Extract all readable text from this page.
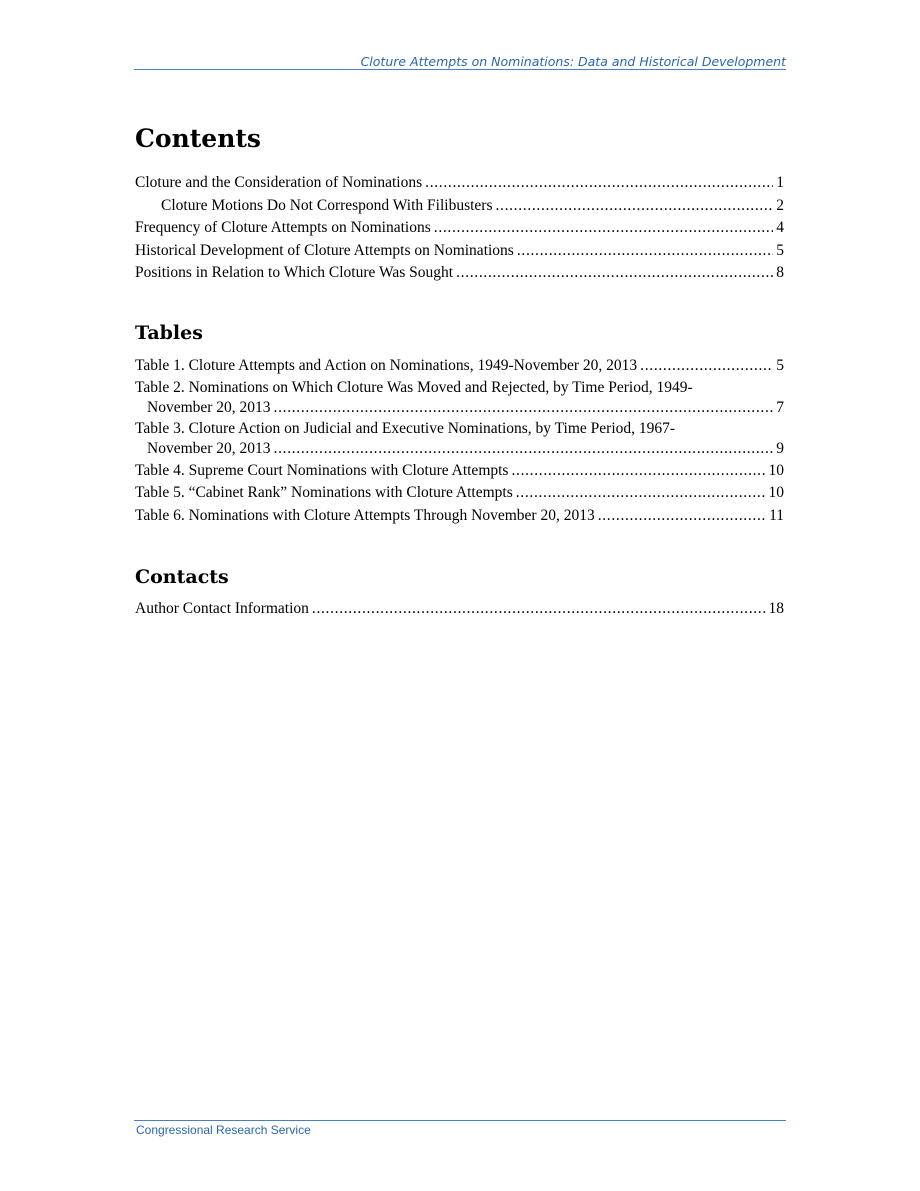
Cloture Attempts on Nominations: Data and Historical Development
Contents
Cloture and the Consideration of Nominations . . .	1
Cloture Motions Do Not Correspond With Filibusters . . .	2
Frequency of Cloture Attempts on Nominations . . .	4
Historical Development of Cloture Attempts on Nominations . . .	5
Positions in Relation to Which Cloture Was Sought . . .	8
Tables
Table 1. Cloture Attempts and Action on Nominations, 1949-November 20, 2013 . . .	5
Table 2. Nominations on Which Cloture Was Moved and Rejected, by Time Period, 1949-
November 20, 2013 . . .	7
Table 3. Cloture Action on Judicial and Executive Nominations, by Time Period, 1967-
November 20, 2013 . . .	9
Table 4. Supreme Court Nominations with Cloture Attempts . . .	10
Table 5. “Cabinet Rank” Nominations with Cloture Attempts . . .	10
Table 6. Nominations with Cloture Attempts Through November 20, 2013 . . .	11
Contacts
Author Contact Information . . .	18
Congressional Research Service
